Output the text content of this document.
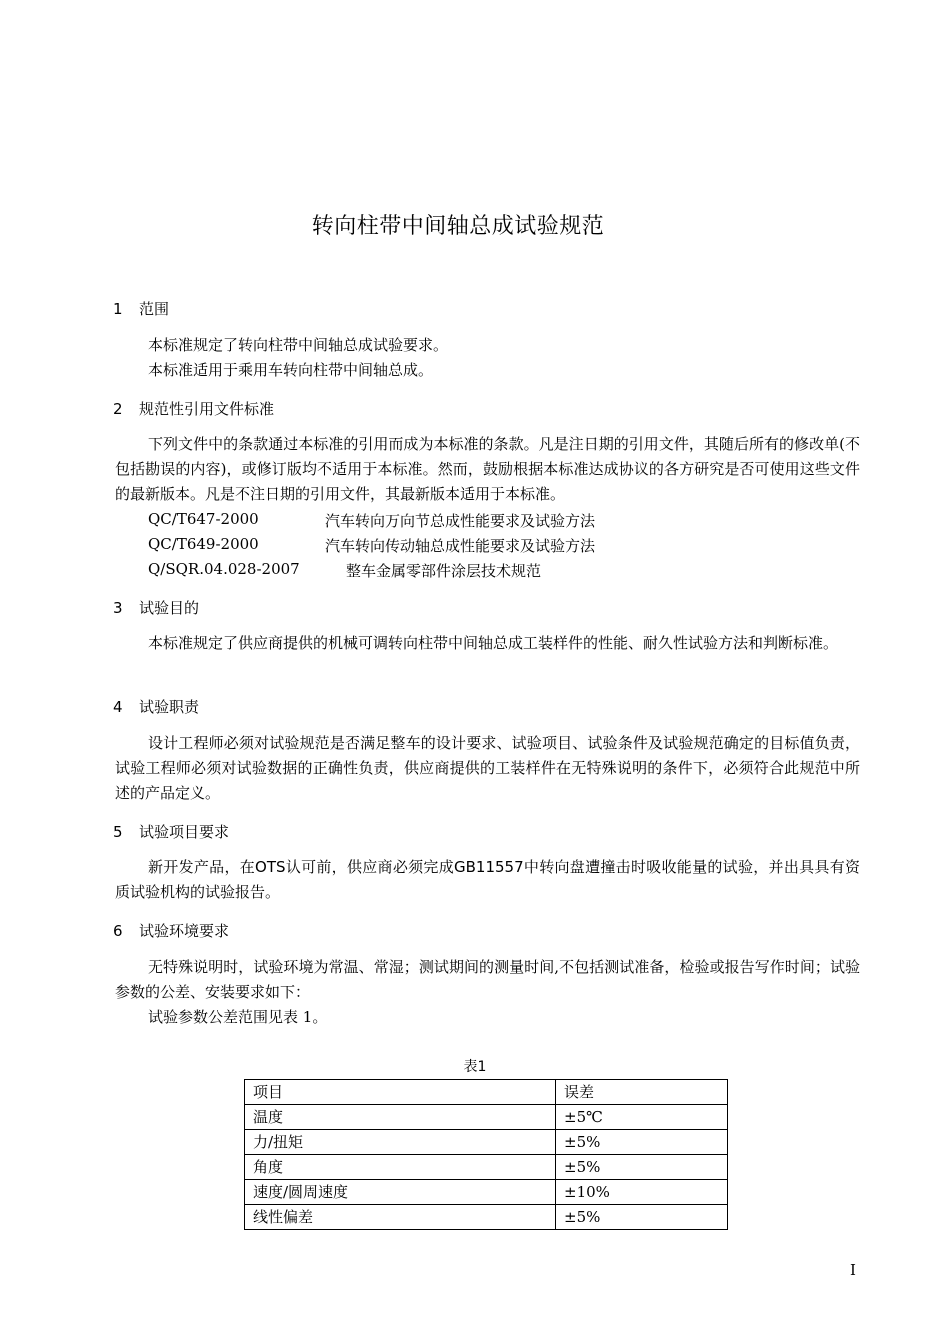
转向柱带中间轴总成试验规范
1 范围
本标准规定了转向柱带中间轴总成试验要求。
本标准适用于乘用车转向柱带中间轴总成。
2 规范性引用文件标准
下列文件中的条款通过本标准的引用而成为本标准的条款。凡是注日期的引用文件，其随后所有的修改单(不包括勘误的内容)，或修订版均不适用于本标准。然而，鼓励根据本标准达成协议的各方研究是否可使用这些文件的最新版本。凡是不注日期的引用文件，其最新版本适用于本标准。
QC/T647-2000	汽车转向万向节总成性能要求及试验方法
QC/T649-2000	汽车转向传动轴总成性能要求及试验方法
Q/SQR.04.028-2007	整车金属零部件涂层技术规范
3 试验目的
本标准规定了供应商提供的机械可调转向柱带中间轴总成工装样件的性能、耐久性试验方法和判断标准。
4 试验职责
设计工程师必须对试验规范是否满足整车的设计要求、试验项目、试验条件及试验规范确定的目标值负责，试验工程师必须对试验数据的正确性负责，供应商提供的工装样件在无特殊说明的条件下，必须符合此规范中所述的产品定义。
5 试验项目要求
新开发产品，在OTS认可前，供应商必须完成GB11557中转向盘遭撞击时吸收能量的试验，并出具具有资质试验机构的试验报告。
6 试验环境要求
无特殊说明时，试验环境为常温、常湿；测试期间的测量时间,不包括测试准备，检验或报告写作时间；试验参数的公差、安装要求如下：
试验参数公差范围见表 1。
表1
项目	误差
温度	±5℃
力/扭矩	±5%
角度	±5%
速度/圆周速度	±10%
线性偏差	±5%
I
